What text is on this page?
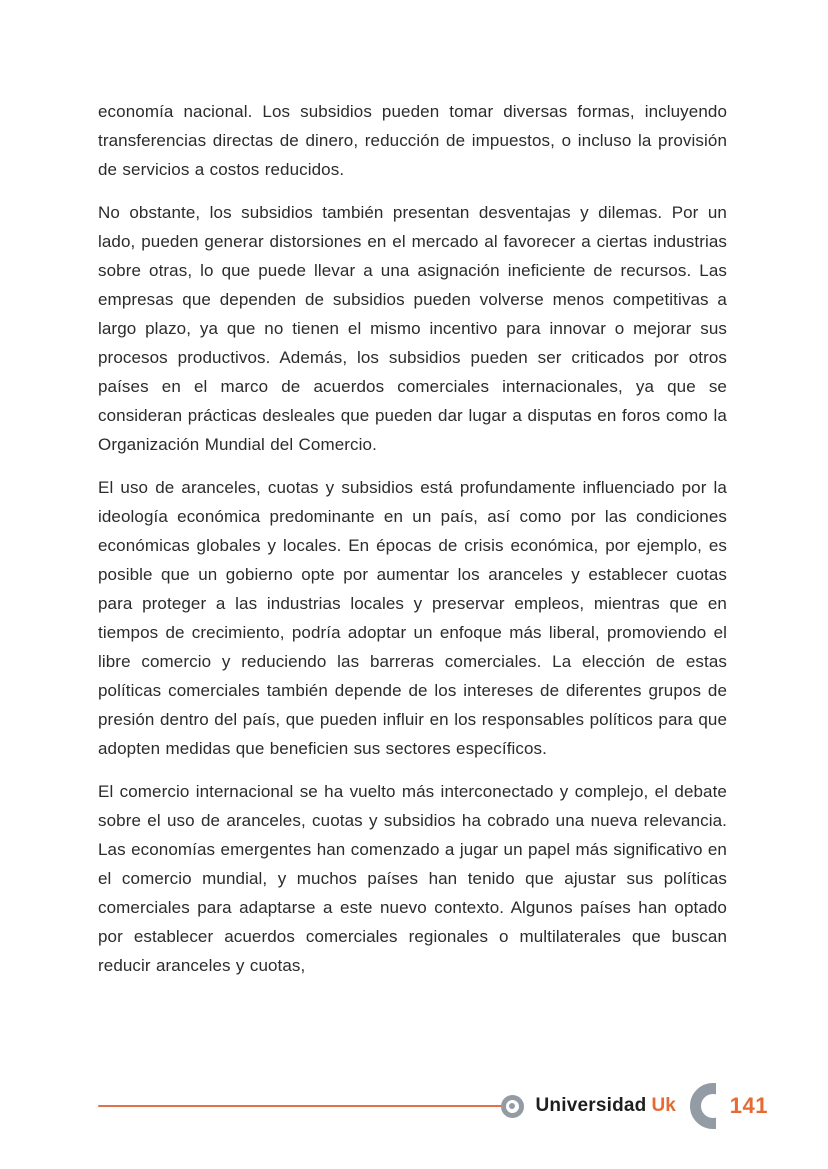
economía nacional. Los subsidios pueden tomar diversas formas, incluyendo transferencias directas de dinero, reducción de impuestos, o incluso la provisión de servicios a costos reducidos.

No obstante, los subsidios también presentan desventajas y dilemas. Por un lado, pueden generar distorsiones en el mercado al favorecer a ciertas industrias sobre otras, lo que puede llevar a una asignación ineficiente de recursos. Las empresas que dependen de subsidios pueden volverse menos competitivas a largo plazo, ya que no tienen el mismo incentivo para innovar o mejorar sus procesos productivos. Además, los subsidios pueden ser criticados por otros países en el marco de acuerdos comerciales internacionales, ya que se consideran prácticas desleales que pueden dar lugar a disputas en foros como la Organización Mundial del Comercio.

El uso de aranceles, cuotas y subsidios está profundamente influenciado por la ideología económica predominante en un país, así como por las condiciones económicas globales y locales. En épocas de crisis económica, por ejemplo, es posible que un gobierno opte por aumentar los aranceles y establecer cuotas para proteger a las industrias locales y preservar empleos, mientras que en tiempos de crecimiento, podría adoptar un enfoque más liberal, promoviendo el libre comercio y reduciendo las barreras comerciales. La elección de estas políticas comerciales también depende de los intereses de diferentes grupos de presión dentro del país, que pueden influir en los responsables políticos para que adopten medidas que beneficien sus sectores específicos.

El comercio internacional se ha vuelto más interconectado y complejo, el debate sobre el uso de aranceles, cuotas y subsidios ha cobrado una nueva relevancia. Las economías emergentes han comenzado a jugar un papel más significativo en el comercio mundial, y muchos países han tenido que ajustar sus políticas comerciales para adaptarse a este nuevo contexto. Algunos países han optado por establecer acuerdos comerciales regionales o multilaterales que buscan reducir aranceles y cuotas,

Universidad Uk 141
